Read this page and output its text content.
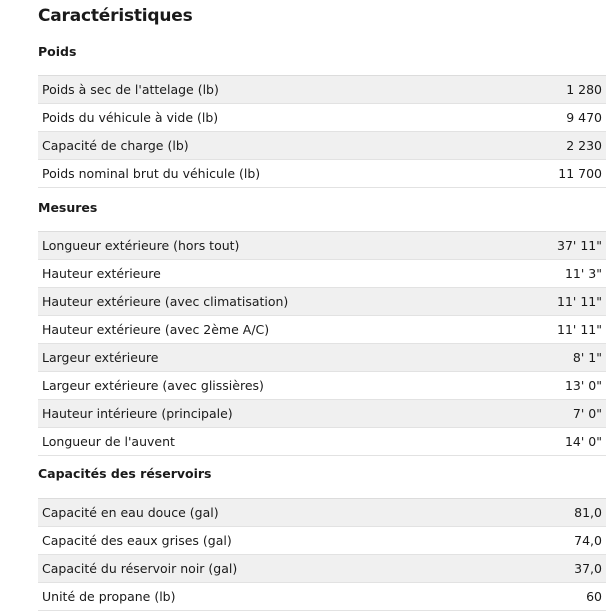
Caractéristiques
Poids
Poids à sec de l'attelage (lb)	1 280
Poids du véhicule à vide (lb)	9 470
Capacité de charge (lb)	2 230
Poids nominal brut du véhicule (lb)	11 700
Mesures
Longueur extérieure (hors tout)	37' 11"
Hauteur extérieure	11' 3"
Hauteur extérieure (avec climatisation)	11' 11"
Hauteur extérieure (avec 2ème A/C)	11' 11"
Largeur extérieure	8' 1"
Largeur extérieure (avec glissières)	13' 0"
Hauteur intérieure (principale)	7' 0"
Longueur de l'auvent	14' 0"
Capacités des réservoirs
Capacité en eau douce (gal)	81,0
Capacité des eaux grises (gal)	74,0
Capacité du réservoir noir (gal)	37,0
Unité de propane (lb)	60
